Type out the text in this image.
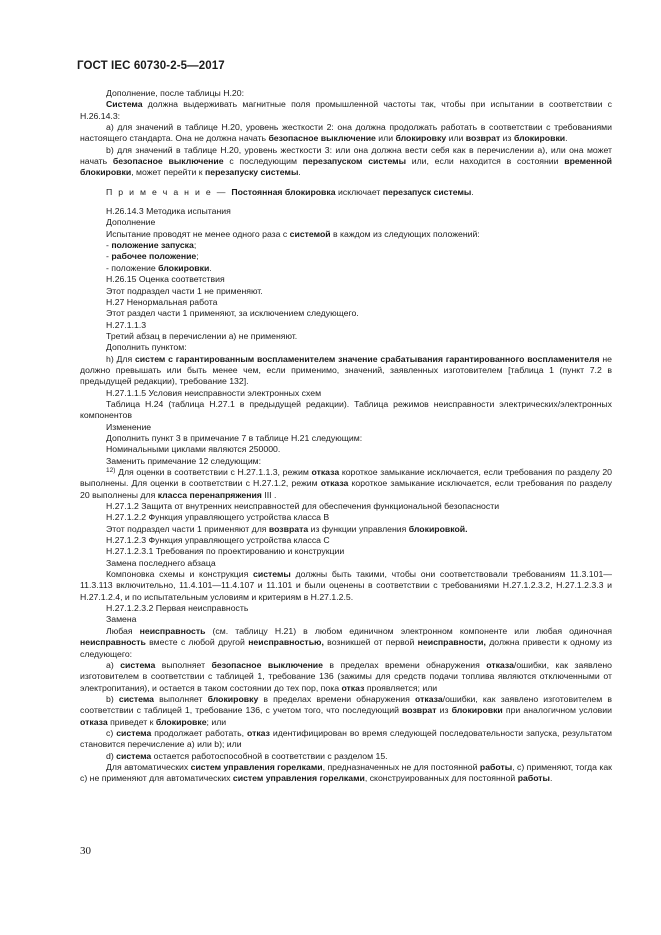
ГОСТ IEC 60730-2-5—2017

Дополнение, после таблицы Н.20:

Система должна выдерживать магнитные поля промышленной частоты так, чтобы при испытании в соответствии с Н.26.14.3:

а) для значений в таблице Н.20, уровень жесткости 2: она должна продолжать работать в соответствии с требованиями настоящего стандарта. Она не должна начать безопасное выключение или блокировку или возврат из блокировки.

b) для значений в таблице Н.20, уровень жесткости 3: или она должна вести себя как в перечислении а), или она может начать безопасное выключение с последующим перезапуском системы или, если находится в состоянии временной блокировки, может перейти к перезапуску системы.

П р и м е ч а н и е — Постоянная блокировка исключает перезапуск системы.

Н.26.14.3 Методика испытания

Дополнение

Испытание проводят не менее одного раза с системой в каждом из следующих положений:

- положение запуска;

- рабочее положение;

- положение блокировки.

Н.26.15 Оценка соответствия

Этот подраздел части 1 не применяют.

Н.27 Ненормальная работа

Этот раздел части 1 применяют, за исключением следующего.

Н.27.1.1.3

Третий абзац в перечислении а) не применяют.

Дополнить пунктом:

h) Для систем с гарантированным воспламенителем значение срабатывания гарантированного воспламенителя не должно превышать или быть менее чем, если применимо, значений, заявленных изготовителем [таблица 1 (пункт 7.2 в предыдущей редакции), требование 132].

Н.27.1.1.5 Условия неисправности электронных схем

Таблица Н.24 (таблица Н.27.1 в предыдущей редакции). Таблица режимов неисправности электрических/электронных компонентов

Изменение

Дополнить пункт 3 в примечание 7 в таблице Н.21 следующим:

Номинальными циклами являются 250000.

Заменить примечание 12 следующим:

$^{12)}$ Для оценки в соответствии с Н.27.1.1.3, режим отказа короткое замыкание исключается, если требования по разделу 20 выполнены. Для оценки в соответствии с Н.27.1.2, режим отказа короткое замыкание исключается, если требования по разделу 20 выполнены для класса перенапряжения III .

Н.27.1.2 Защита от внутренних неисправностей для обеспечения функциональной безопасности

Н.27.1.2.2 Функция управляющего устройства класса В

Этот подраздел части 1 применяют для возврата из функции управления блокировкой.

Н.27.1.2.3 Функция управляющего устройства класса С

Н.27.1.2.3.1 Требования по проектированию и конструкции

Замена последнего абзаца

Компоновка схемы и конструкция системы должны быть такими, чтобы они соответствовали требованиям 11.3.101—11.3.113 включительно, 11.4.101—11.4.107 и 11.101 и были оценены в соответствии с требованиями Н.27.1.2.3.2, Н.27.1.2.3.3 и Н.27.1.2.4, и по испытательным условиям и критериям в Н.27.1.2.5.

Н.27.1.2.3.2 Первая неисправность

Замена

Любая неисправность (см. таблицу Н.21) в любом единичном электронном компоненте или любая одиночная неисправность вместе с любой другой неисправностью, возникшей от первой неисправности, должна привести к одному из следующего:

а) система выполняет безопасное выключение в пределах времени обнаружения отказа/ошибки, как заявлено изготовителем в соответствии с таблицей 1, требование 136 (зажимы для средств подачи топлива являются отключенными от электропитания), и остается в таком состоянии до тех пор, пока отказ проявляется; или

b) система выполняет блокировку в пределах времени обнаружения отказа/ошибки, как заявлено изготовителем в соответствии с таблицей 1, требование 136, с учетом того, что последующий возврат из блокировки при аналогичном условии отказа приведет к блокировке; или

c) система продолжает работать, отказ идентифицирован во время следующей последовательности запуска, результатом становится перечисление а) или b); или

d) система остается работоспособной в соответствии с разделом 15.

Для автоматических систем управления горелками, предназначенных не для постоянной работы, с) применяют, тогда как с) не применяют для автоматических систем управления горелками, сконструированных для постоянной работы.

30
